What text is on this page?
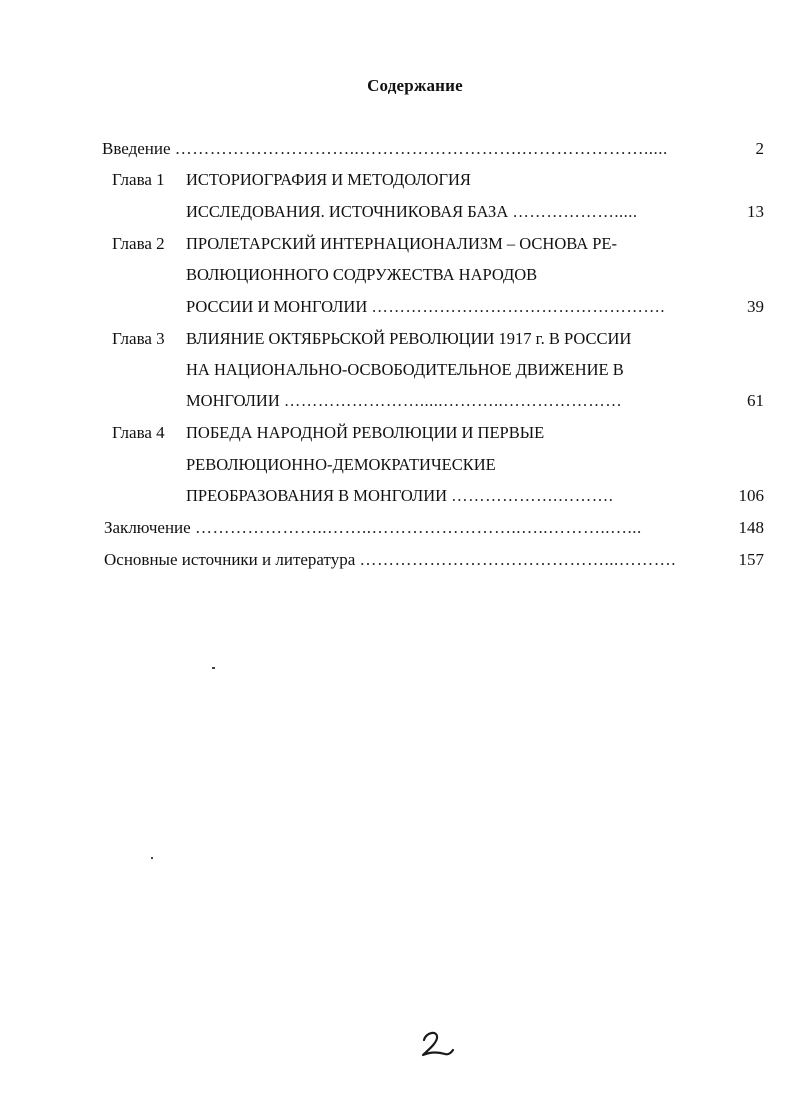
Содержание
Введение …………………………..……………………….………………….....	2
Глава 1 ИСТОРИОГРАФИЯ И МЕТОДОЛОГИЯ
ИССЛЕДОВАНИЯ. ИСТОЧНИКОВАЯ БАЗА ……………….....	13
Глава 2 ПРОЛЕТАРСКИЙ ИНТЕРНАЦИОНАЛИЗМ – ОСНОВА РЕ-
ВОЛЮЦИОННОГО СОДРУЖЕСТВА НАРОДОВ
РОССИИ И МОНГОЛИИ …………………………………………….	39
Глава 3 ВЛИЯНИЕ ОКТЯБРЬСКОЙ РЕВОЛЮЦИИ 1917 г. В РОССИИ
НА НАЦИОНАЛЬНО-ОСВОБОДИТЕЛЬНОЕ ДВИЖЕНИЕ В
МОНГОЛИИ …………………….....………..…………………	61
Глава 4 ПОБЕДА НАРОДНОЙ РЕВОЛЮЦИИ И ПЕРВЫЕ
РЕВОЛЮЦИОННО-ДЕМОКРАТИЧЕСКИЕ
ПРЕОБРАЗОВАНИЯ В МОНГОЛИИ ……………….……….	106
Заключение …………………..……..……………………..…..………..…...	148
Основные источники и литература ……………………………………...……….	157
